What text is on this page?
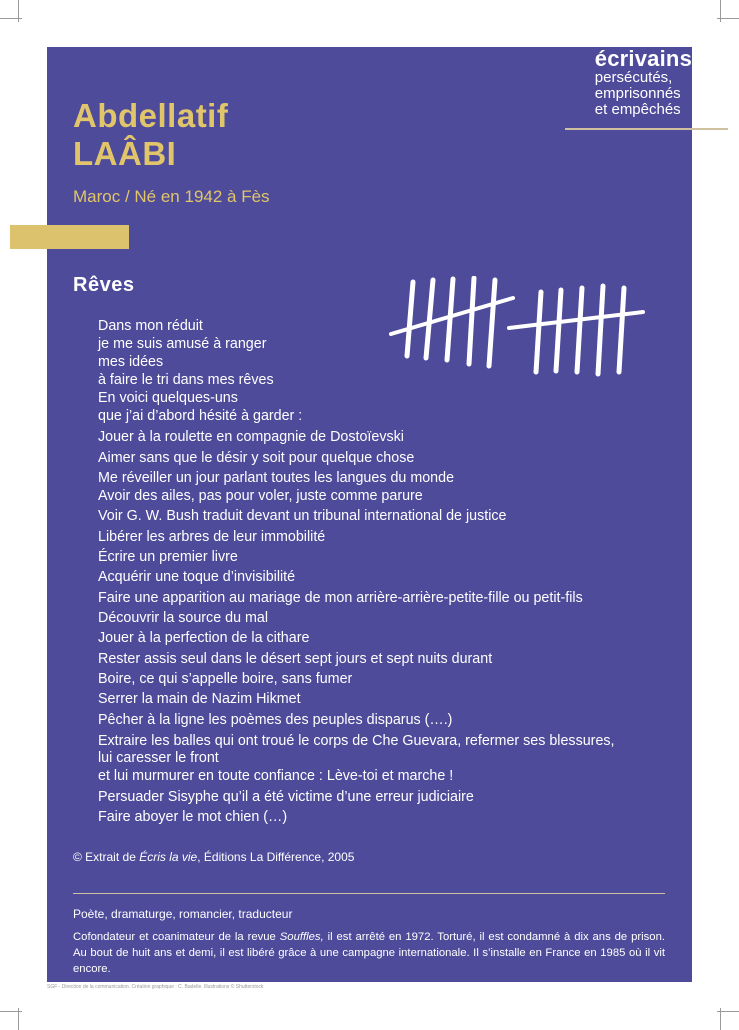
écrivains
persécutés,
emprisonnés
et empêchés
Abdellatif
LAÂBI
Maroc / Né en 1942 à Fès
Rêves
Dans mon réduit
je me suis amusé à ranger
mes idées
à faire le tri dans mes rêves
En voici quelques-uns
que j’ai d’abord hésité à garder :
Jouer à la roulette en compagnie de Dostoïevski
Aimer sans que le désir y soit pour quelque chose
Me réveiller un jour parlant toutes les langues du monde
Avoir des ailes, pas pour voler, juste comme parure
Voir G. W. Bush traduit devant un tribunal international de justice
Libérer les arbres de leur immobilité
Écrire un premier livre
Acquérir une toque d’invisibilité
Faire une apparition au mariage de mon arrière-arrière-petite-fille ou petit-fils
Découvrir la source du mal
Jouer à la perfection de la cithare
Rester assis seul dans le désert sept jours et sept nuits durant
Boire, ce qui s’appelle boire, sans fumer
Serrer la main de Nazim Hikmet
Pêcher à la ligne les poèmes des peuples disparus (….)
Extraire les balles qui ont troué le corps de Che Guevara, refermer ses blessures,
lui caresser le front
et lui murmurer en toute confiance : Lève-toi et marche !
Persuader Sisyphe qu’il a été victime d’une erreur judiciaire
Faire aboyer le mot chien (…)
© Extrait de Écris la vie, Éditions La Différence, 2005
Poète, dramaturge, romancier, traducteur
Cofondateur et coanimateur de la revue Souffles, il est arrêté en 1972. Torturé, il est condamné à dix ans de prison. Au bout de huit ans et demi, il est libéré grâce à une campagne internationale. Il s’installe en France en 1985 où il vit encore.
SGF - Direction de la communication. Création graphique : C. Badelle. Illustrations © Shutterstock
